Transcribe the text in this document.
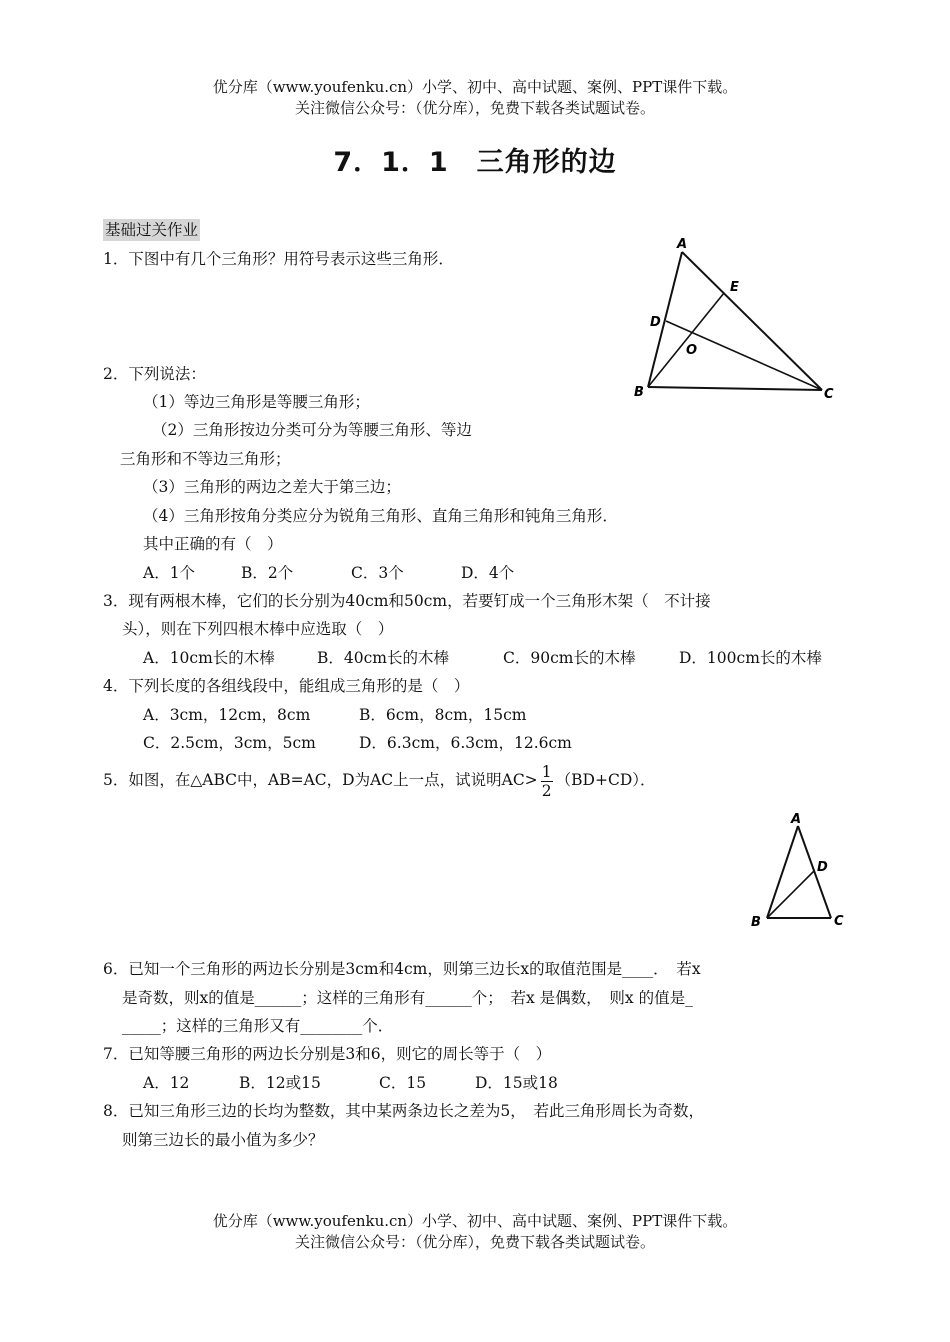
优分库（www.youfenku.cn）小学、初中、高中试题、案例、PPT课件下载。
关注微信公众号：（优分库），免费下载各类试题试卷。
7．1．1　三角形的边
基础过关作业
1．下图中有几个三角形？用符号表示这些三角形．
A
E
D
O
B	C
2．下列说法：
（1）等边三角形是等腰三角形；
（2）三角形按边分类可分为等腰三角形、等边
三角形和不等边三角形；
（3）三角形的两边之差大于第三边；
（4）三角形按角分类应分为锐角三角形、直角三角形和钝角三角形．
其中正确的有（　）
A．1个	B．2个	C．3个	D．4个
3．现有两根木棒，它们的长分别为40cm和50cm，若要钉成一个三角形木架（　不计接
头），则在下列四根木棒中应选取（　）
A．10cm长的木棒	B．40cm长的木棒	C．90cm长的木棒	D．100cm长的木棒
4．下列长度的各组线段中，能组成三角形的是（　）
A．3cm，12cm，8cm	B．6cm，8cm，15cm
C．2.5cm，3cm，5cm	D．6.3cm，6.3cm，12.6cm
5．如图，在△ABC中，AB=AC，D为AC上一点，试说明$AC> \frac{1}{2} (BD+CD)$．
A
D
B	C
6．已知一个三角形的两边长分别是3cm和4cm，则第三边长x的取值范围是____．　若x
是奇数，则x的值是______；这样的三角形有______个；　若x 是偶数，　则x 的值是_
_____；这样的三角形又有________个．
7．已知等腰三角形的两边长分别是3和6，则它的周长等于（　）
A．12	B．12或15	C．15	D．15或18
8．已知三角形三边的长均为整数，其中某两条边长之差为5，　若此三角形周长为奇数，
则第三边长的最小值为多少？
优分库（www.youfenku.cn）小学、初中、高中试题、案例、PPT课件下载。
关注微信公众号：（优分库），免费下载各类试题试卷。
